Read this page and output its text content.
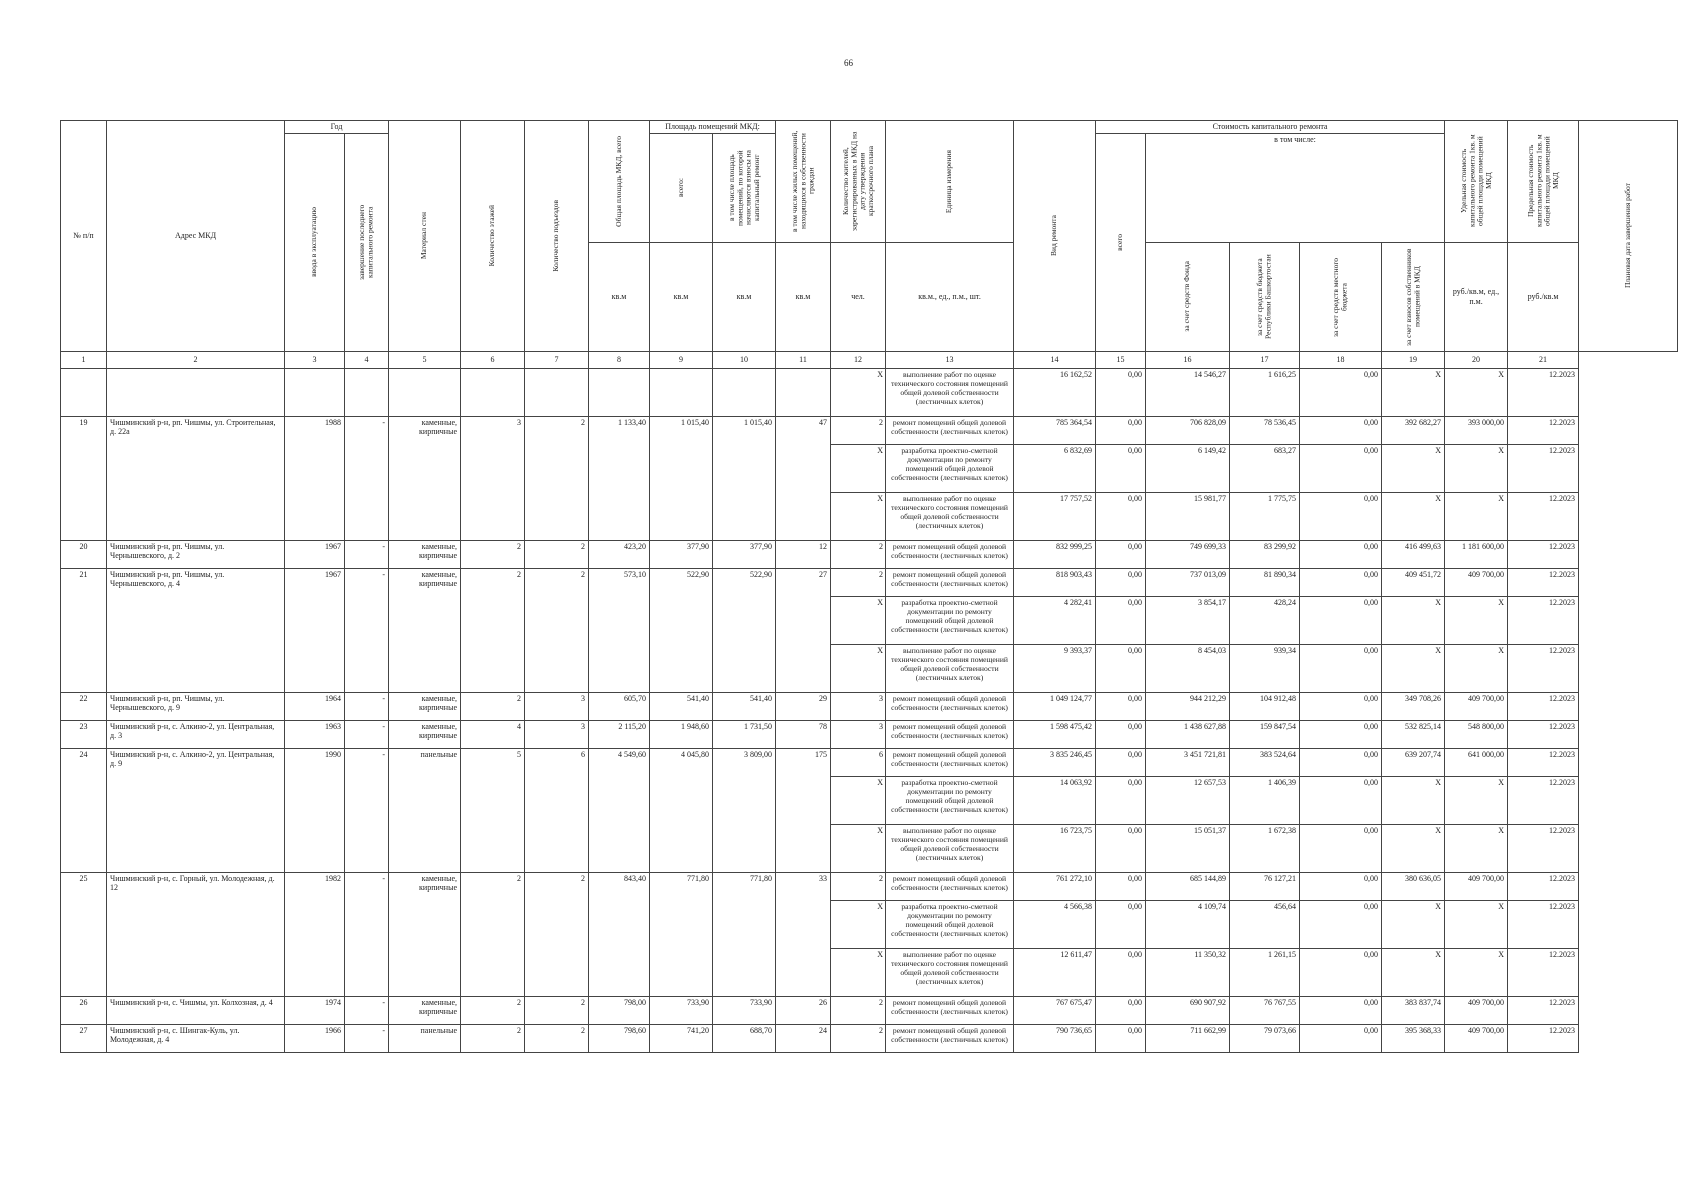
66
№ п/п	Адрес МКД	Год		Материал стен	Количество этажей	Количество подъездов	Общая площадь МКД, всего	Площадь помещений МКД:		в том числе жилых помещений, находящихся в собственности граждан	Количество жителей, зарегистрированных в МКД на дату утверждения краткосрочного плана	Единица измерения	Вид ремонта	Стоимость капитального ремонта					Удельная стоимость капитального ремонта 1кв. м общей площади помещений МКД	Предельная стоимость капитального ремонта 1кв. м общей площади помещений МКД	Плановая дата завершения работ

		ввода в эксплуатацию	завершение последнего капитального ремонта					всего:	в том числе площадь помещений, по которой начисляются взносы на капитальный ремонт					всего	в том числе:						
							кв.м	кв.м	кв.м	кв.м	чел.	кв.м., ед., п.м., шт.			за счет средств Фонда	за счет средств бюджета Республики Башкортостан	за счет средств местного бюджета	за счет взносов собственников помещений в МКД	руб./кв.м, ед., п.м.	руб./кв.м	
1	2	3	4	5	6	7	8	9	10	11	12	13	14	15	16	17	18	19	20	21	
											X	выполнение работ по оценке технического состояния помещений общей долевой собственности (лестничных клеток)	16 162,52	0,00	14 546,27	1 616,25	0,00	X	X	12.2023	
19	Чишминский р-н, рп. Чишмы, ул. Строительная, д. 22а	1988	-	каменные, кирпичные	3	2	1 133,40	1 015,40	1 015,40	47	2	ремонт помещений общей долевой собственности (лестничных клеток)	785 364,54	0,00	706 828,09	78 536,45	0,00	392 682,27	393 000,00	12.2023	
											X	разработка проектно-сметной документации по ремонту помещений общей долевой собственности (лестничных клеток)	6 832,69	0,00	6 149,42	683,27	0,00	X	X	12.2023	
											X	выполнение работ по оценке технического состояния помещений общей долевой собственности (лестничных клеток)	17 757,52	0,00	15 981,77	1 775,75	0,00	X	X	12.2023	
20	Чишминский р-н, рп. Чишмы, ул. Чернышевского, д. 2	1967	-	каменные, кирпичные	2	2	423,20	377,90	377,90	12	2	ремонт помещений общей долевой собственности (лестничных клеток)	832 999,25	0,00	749 699,33	83 299,92	0,00	416 499,63	1 181 600,00	12.2023	
21	Чишминский р-н, рп. Чишмы, ул. Чернышевского, д. 4	1967	-	каменные, кирпичные	2	2	573,10	522,90	522,90	27	2	ремонт помещений общей долевой собственности (лестничных клеток)	818 903,43	0,00	737 013,09	81 890,34	0,00	409 451,72	409 700,00	12.2023	
											X	разработка проектно-сметной документации по ремонту помещений общей долевой собственности (лестничных клеток)	4 282,41	0,00	3 854,17	428,24	0,00	X	X	12.2023	
											X	выполнение работ по оценке технического состояния помещений общей долевой собственности (лестничных клеток)	9 393,37	0,00	8 454,03	939,34	0,00	X	X	12.2023	
22	Чишминский р-н, рп. Чишмы, ул. Чернышевского, д. 9	1964	-	каменные, кирпичные	2	3	605,70	541,40	541,40	29	3	ремонт помещений общей долевой собственности (лестничных клеток)	1 049 124,77	0,00	944 212,29	104 912,48	0,00	349 708,26	409 700,00	12.2023	
23	Чишминский р-н, с. Алкино-2, ул. Центральная, д. 3	1963	-	каменные, кирпичные	4	3	2 115,20	1 948,60	1 731,50	78	3	ремонт помещений общей долевой собственности (лестничных клеток)	1 598 475,42	0,00	1 438 627,88	159 847,54	0,00	532 825,14	548 800,00	12.2023	
24	Чишминский р-н, с. Алкино-2, ул. Центральная, д. 9	1990	-	панельные	5	6	4 549,60	4 045,80	3 809,00	175	6	ремонт помещений общей долевой собственности (лестничных клеток)	3 835 246,45	0,00	3 451 721,81	383 524,64	0,00	639 207,74	641 000,00	12.2023	
											X	разработка проектно-сметной документации по ремонту помещений общей долевой собственности (лестничных клеток)	14 063,92	0,00	12 657,53	1 406,39	0,00	X	X	12.2023	
											X	выполнение работ по оценке технического состояния помещений общей долевой собственности (лестничных клеток)	16 723,75	0,00	15 051,37	1 672,38	0,00	X	X	12.2023	
25	Чишминский р-н, с. Горный, ул. Молодежная, д. 12	1982	-	каменные, кирпичные	2	2	843,40	771,80	771,80	33	2	ремонт помещений общей долевой собственности (лестничных клеток)	761 272,10	0,00	685 144,89	76 127,21	0,00	380 636,05	409 700,00	12.2023	
											X	разработка проектно-сметной документации по ремонту помещений общей долевой собственности (лестничных клеток)	4 566,38	0,00	4 109,74	456,64	0,00	X	X	12.2023	
											X	выполнение работ по оценке технического состояния помещений общей долевой собственности (лестничных клеток)	12 611,47	0,00	11 350,32	1 261,15	0,00	X	X	12.2023	
26	Чишминский р-н, с. Чишмы, ул. Колхозная, д. 4	1974	-	каменные, кирпичные	2	2	798,00	733,90	733,90	26	2	ремонт помещений общей долевой собственности (лестничных клеток)	767 675,47	0,00	690 907,92	76 767,55	0,00	383 837,74	409 700,00	12.2023	
27	Чишминский р-н, с. Шингак-Куль, ул. Молодежная, д. 4	1966	-	панельные	2	2	798,60	741,20	688,70	24	2	ремонт помещений общей долевой собственности (лестничных клеток)	790 736,65	0,00	711 662,99	79 073,66	0,00	395 368,33	409 700,00	12.2023	
